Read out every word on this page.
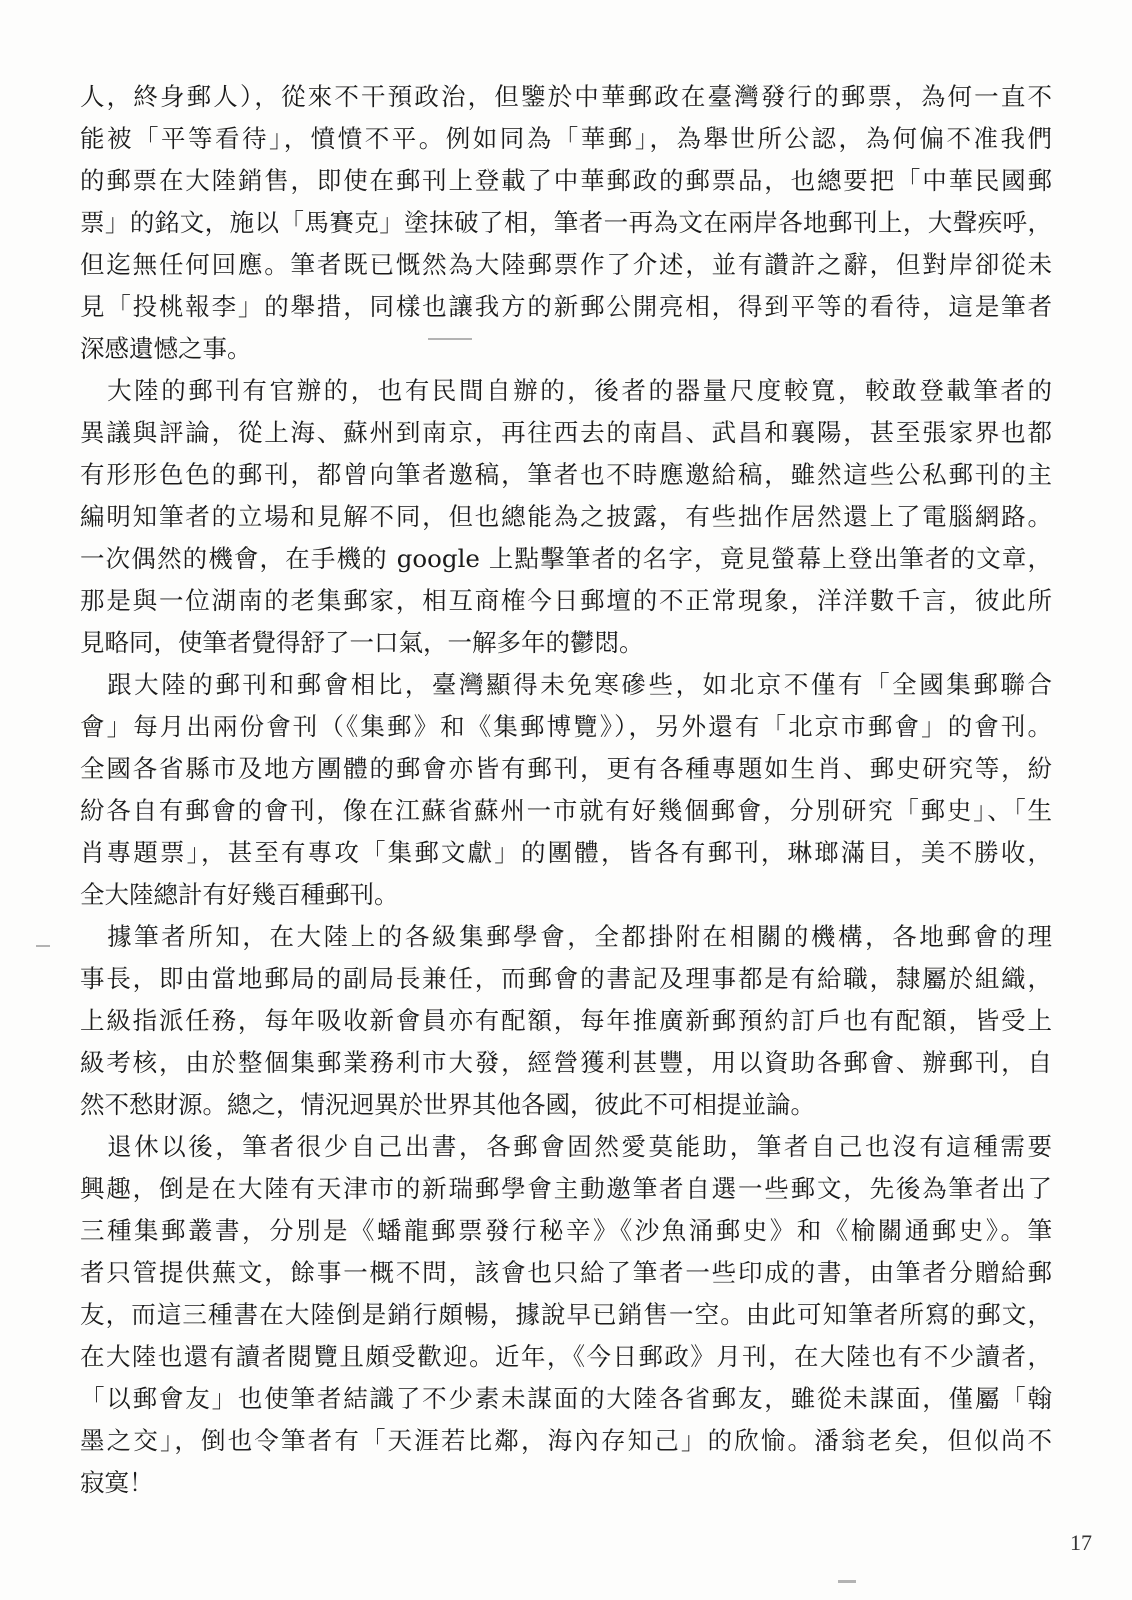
人，終身郵人），從來不干預政治，但鑒於中華郵政在臺灣發行的郵票，為何一直不
能被「平等看待」，憤憤不平。例如同為「華郵」，為舉世所公認，為何偏不准我們
的郵票在大陸銷售，即使在郵刊上登載了中華郵政的郵票品，也總要把「中華民國郵
票」的銘文，施以「馬賽克」塗抹破了相，筆者一再為文在兩岸各地郵刊上，大聲疾呼，
但迄無任何回應。筆者既已慨然為大陸郵票作了介述，並有讚許之辭，但對岸卻從未
見「投桃報李」的舉措，同樣也讓我方的新郵公開亮相，得到平等的看待，這是筆者
深感遺憾之事。
　大陸的郵刊有官辦的，也有民間自辦的，後者的器量尺度較寬，較敢登載筆者的
異議與評論，從上海、蘇州到南京，再往西去的南昌、武昌和襄陽，甚至張家界也都
有形形色色的郵刊，都曾向筆者邀稿，筆者也不時應邀給稿，雖然這些公私郵刊的主
編明知筆者的立場和見解不同，但也總能為之披露，有些拙作居然還上了電腦網路。
一次偶然的機會，在手機的 google 上點擊筆者的名字，竟見螢幕上登出筆者的文章，
那是與一位湖南的老集郵家，相互商榷今日郵壇的不正常現象，洋洋數千言，彼此所
見略同，使筆者覺得舒了一口氣，一解多年的鬱悶。
　跟大陸的郵刊和郵會相比，臺灣顯得未免寒磣些，如北京不僅有「全國集郵聯合
會」每月出兩份會刊（《集郵》和《集郵博覽》），另外還有「北京市郵會」的會刊。
全國各省縣市及地方團體的郵會亦皆有郵刊，更有各種專題如生肖、郵史研究等，紛
紛各自有郵會的會刊，像在江蘇省蘇州一市就有好幾個郵會，分別研究「郵史」、「生
肖專題票」，甚至有專攻「集郵文獻」的團體，皆各有郵刊，琳瑯滿目，美不勝收，
全大陸總計有好幾百種郵刊。
　據筆者所知，在大陸上的各級集郵學會，全都掛附在相關的機構，各地郵會的理
事長，即由當地郵局的副局長兼任，而郵會的書記及理事都是有給職，隸屬於組織，
上級指派任務，每年吸收新會員亦有配額，每年推廣新郵預約訂戶也有配額，皆受上
級考核，由於整個集郵業務利市大發，經營獲利甚豐，用以資助各郵會、辦郵刊，自
然不愁財源。總之，情況迥異於世界其他各國，彼此不可相提並論。
　退休以後，筆者很少自己出書，各郵會固然愛莫能助，筆者自己也沒有這種需要
興趣，倒是在大陸有天津市的新瑞郵學會主動邀筆者自選一些郵文，先後為筆者出了
三種集郵叢書，分別是《蟠龍郵票發行秘辛》《沙魚涌郵史》和《榆關通郵史》。筆
者只管提供蕪文，餘事一概不問，該會也只給了筆者一些印成的書，由筆者分贈給郵
友，而這三種書在大陸倒是銷行頗暢，據說早已銷售一空。由此可知筆者所寫的郵文，
在大陸也還有讀者閱覽且頗受歡迎。近年，《今日郵政》月刊，在大陸也有不少讀者，
「以郵會友」也使筆者結識了不少素未謀面的大陸各省郵友，雖從未謀面，僅屬「翰
墨之交」，倒也令筆者有「天涯若比鄰，海內存知己」的欣愉。潘翁老矣，但似尚不
寂寞！
17
